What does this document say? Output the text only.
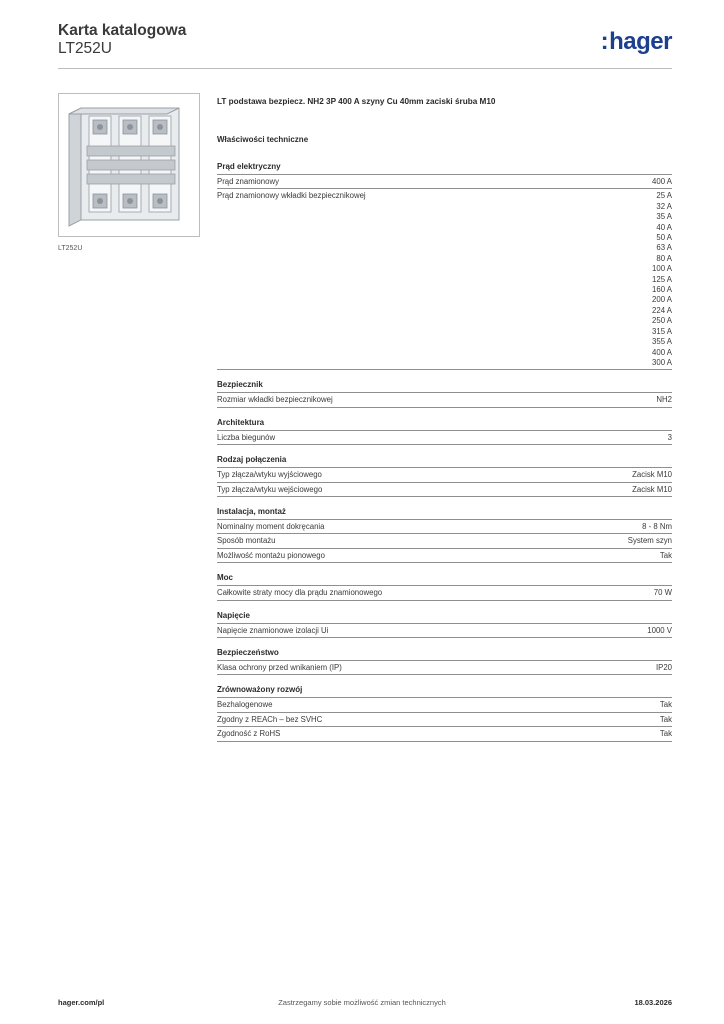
Karta katalogowa
LT252U	:hager
LT252U
LT podstawa bezpiecz. NH2 3P 400 A szyny Cu 40mm zaciski śruba M10
Właściwości techniczne
Prąd elektryczny
Prąd znamionowy	400 A
Prąd znamionowy wkładki bezpiecznikowej	25 A
32 A
35 A
40 A
50 A
63 A
80 A
100 A
125 A
160 A
200 A
224 A
250 A
315 A
355 A
400 A
300 A
Bezpiecznik
Rozmiar wkładki bezpiecznikowej	NH2
Architektura
Liczba biegunów	3
Rodzaj połączenia
Typ złącza/wtyku wyjściowego	Zacisk M10
Typ złącza/wtyku wejściowego	Zacisk M10
Instalacja, montaż
Nominalny moment dokręcania	8 - 8 Nm
Sposób montażu	System szyn
Możliwość montażu pionowego	Tak
Moc
Całkowite straty mocy dla prądu znamionowego	70 W
Napięcie
Napięcie znamionowe izolacji Ui	1000 V
Bezpieczeństwo
Klasa ochrony przed wnikaniem (IP)	IP20
Zrównoważony rozwój
Bezhalogenowe	Tak
Zgodny z REACh – bez SVHC	Tak
Zgodność z RoHS	Tak
hager.com/pl	Zastrzegamy sobie możliwość zmian technicznych	18.03.2026
